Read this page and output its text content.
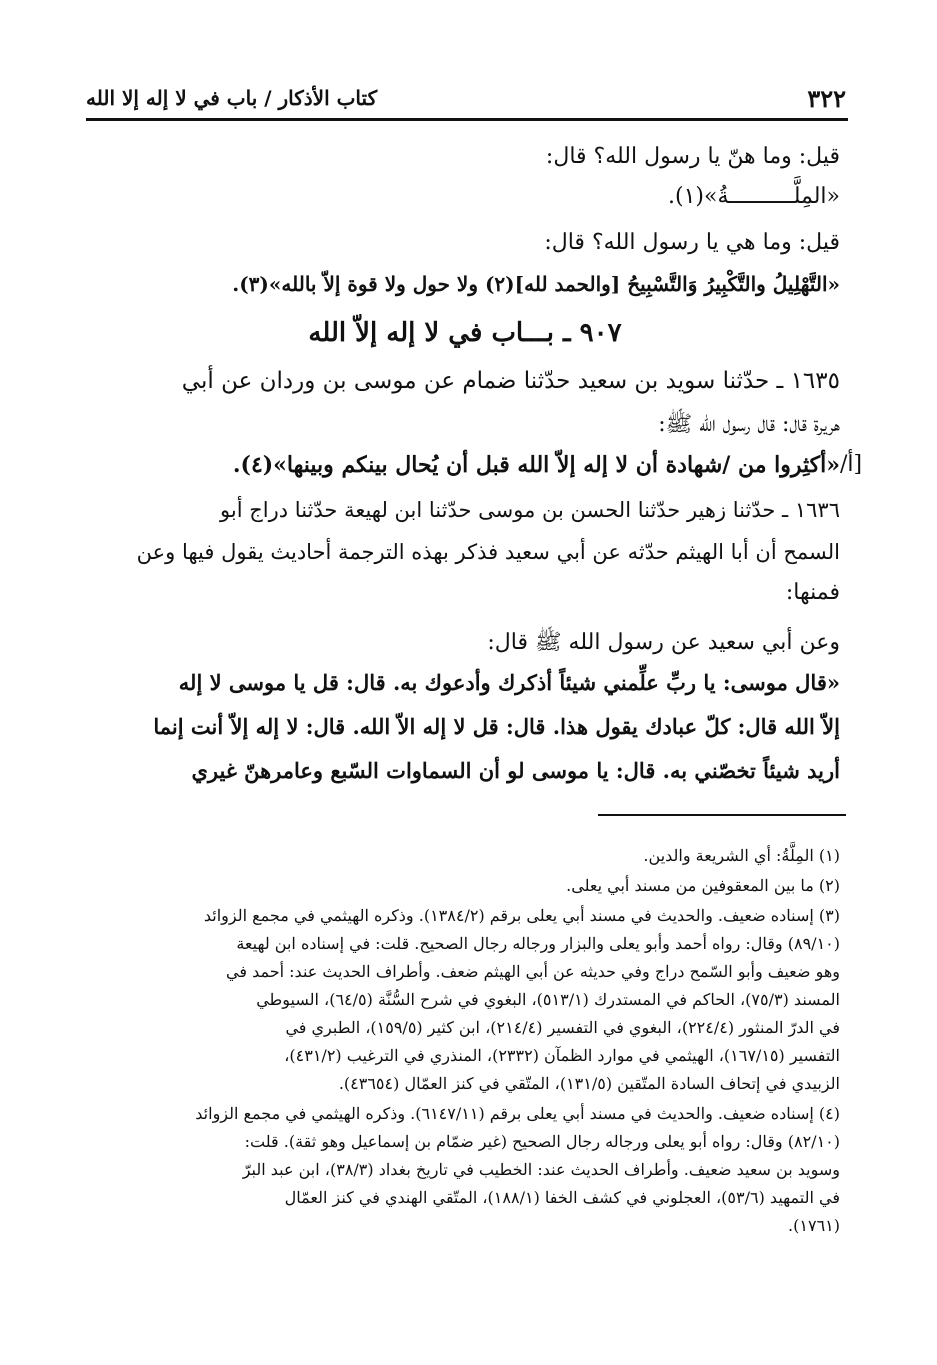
٣٢٢
كتاب الأذكار / باب في لا إله إلا الله
قيل: وما هنّ يا رسول الله؟ قال:
«المِلَّــــــــــةُ»(١).
قيل: وما هي يا رسول الله؟ قال:
«التَّهْلِيلُ والتَّكْبِيرُ وَالتَّسْبِيحُ [والحمد لله](٢) ولا حول ولا قوة إلاّ بالله»(٣).
١٦٣٥ ـ حدّثنا سويد بن سعيد حدّثنا ضمام عن موسى بن وردان عن أبي
هريرة قال: قال رسول الله ﷺ:
«أكثِروا من /شهادة أن لا إله إلاّ الله قبل أن يُحال بينكم وبينها»(٤).
١٦٣٦ ـ حدّثنا زهير حدّثنا الحسن بن موسى حدّثنا ابن لهيعة حدّثنا دراج أبو
السمح أن أبا الهيثم حدّثه عن أبي سعيد فذكر بهذه الترجمة أحاديث يقول فيها وعن
فمنها:
وعن أبي سعيد عن رسول الله ﷺ قال:
«قال موسى: يا ربِّ علِّمني شيئاً أذكرك وأدعوك به. قال: قل يا موسى لا إله
إلاّ الله قال: كلّ عبادك يقول هذا. قال: قل لا إله الاّ الله. قال: لا إله إلاّ أنت إنما
أريد شيئاً تخصّني به. قال: يا موسى لو أن السماوات السّبع وعامرهنّ غيري
٩٠٧ ـ بـــاب في لا إله إلاّ الله
/أ]
(١) المِلَّةُ: أي الشريعة والدين.
(٢) ما بين المعقوفين من مسند أبي يعلى.
(٣) إسناده ضعيف. والحديث في مسند أبي يعلى برقم (١٣٨٤/٢). وذكره الهيثمي في مجمع الزوائد
(٨٩/١٠) وقال: رواه أحمد وأبو يعلى والبزار ورجاله رجال الصحيح. قلت: في إسناده ابن لهيعة
وهو ضعيف وأبو السّمح دراج وفي حديثه عن أبي الهيثم ضعف. وأطراف الحديث عند: أحمد في
المسند (٧٥/٣)، الحاكم في المستدرك (٥١٣/١)، البغوي في شرح السُّنَّة (٦٤/٥)، السيوطي
في الدرّ المنثور (٢٢٤/٤)، البغوي في التفسير (٢١٤/٤)، ابن كثير (١٥٩/٥)، الطبري في
التفسير (١٦٧/١٥)، الهيثمي في موارد الظمآن (٢٣٣٢)، المنذري في الترغيب (٤٣١/٢)،
الزبيدي في إتحاف السادة المتّقين (١٣١/٥)، المتّقي في كنز العمّال (٤٣٦٥٤).
(٤) إسناده ضعيف. والحديث في مسند أبي يعلى برقم (٦١٤٧/١١). وذكره الهيثمي في مجمع الزوائد
(٨٢/١٠) وقال: رواه أبو يعلى ورجاله رجال الصحيح (غير ضمّام بن إسماعيل وهو ثقة). قلت:
وسويد بن سعيد ضعيف. وأطراف الحديث عند: الخطيب في تاريخ بغداد (٣٨/٣)، ابن عبد البرّ
في التمهيد (٥٣/٦)، العجلوني في كشف الخفا (١٨٨/١)، المتّقي الهندي في كنز العمّال
(١٧٦١).
